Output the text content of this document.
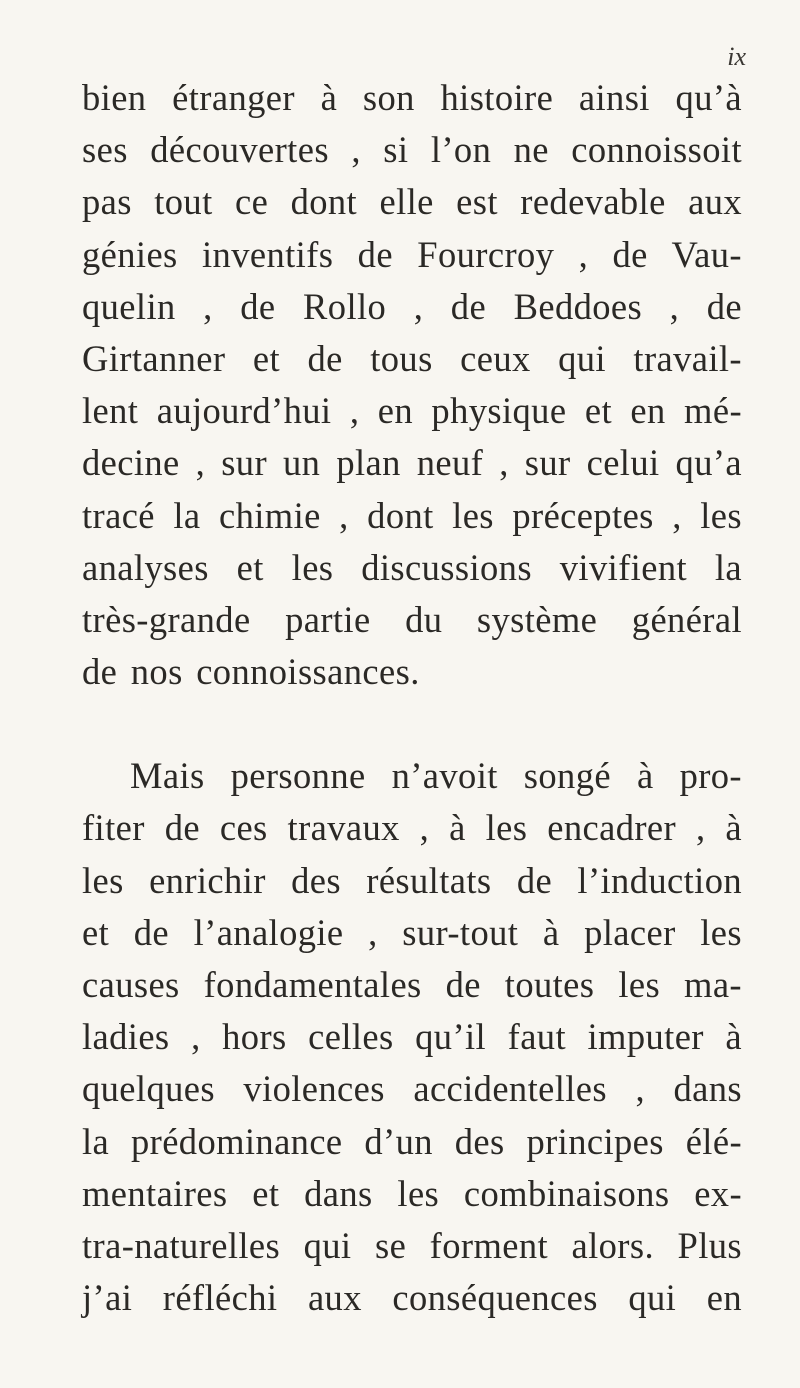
ix
bien étranger à son histoire ainsi qu’à
ses découvertes , si l’on ne connoissoit
pas tout ce dont elle est redevable aux
génies inventifs de Fourcroy , de Vau-
quelin , de Rollo , de Beddoes , de
Girtanner et de tous ceux qui travail-
lent aujourd’hui , en physique et en mé-
decine , sur un plan neuf , sur celui qu’a
tracé la chimie , dont les préceptes , les
analyses et les discussions vivifient la
très-grande partie du système général
de nos connoissances.
Mais personne n’avoit songé à pro-
fiter de ces travaux , à les encadrer , à
les enrichir des résultats de l’induction
et de l’analogie , sur-tout à placer les
causes fondamentales de toutes les ma-
ladies , hors celles qu’il faut imputer à
quelques violences accidentelles , dans
la prédominance d’un des principes élé-
mentaires et dans les combinaisons ex-
tra-naturelles qui se forment alors. Plus
j’ai réfléchi aux conséquences qui en
